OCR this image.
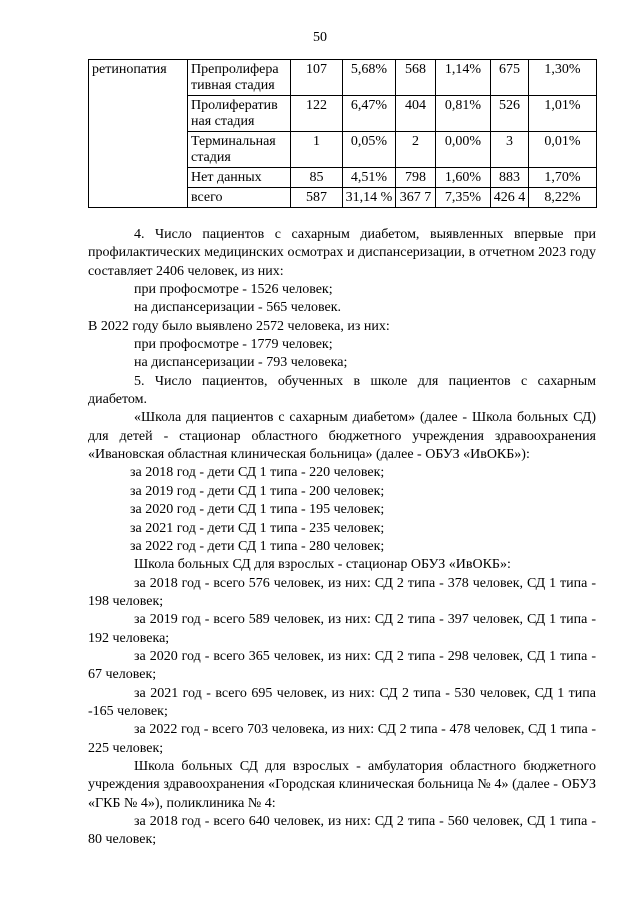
50
ретинопатия	Препролифера тивная стадия	107	5,68%	568	1,14%	675	1,30%
	Пролифератив ная стадия	122	6,47%	404	0,81%	526	1,01%
	Терминальная стадия	1	0,05%	2	0,00%	3	0,01%
	Нет данных	85	4,51%	798	1,60%	883	1,70%
	всего	587	31,14 %	367 7	7,35%	426 4	8,22%

4. Число пациентов с сахарным диабетом, выявленных впервые при профилактических медицинских осмотрах и диспансеризации, в отчетном 2023 году составляет 2406 человек, из них:

при профосмотре - 1526 человек;

на диспансеризации - 565 человек.

В 2022 году было выявлено 2572 человека, из них:

при профосмотре - 1779 человек;

на диспансеризации - 793 человека;

5. Число пациентов, обученных в школе для пациентов с сахарным диабетом.

«Школа для пациентов с сахарным диабетом» (далее - Школа больных СД) для детей - стационар областного бюджетного учреждения здравоохранения «Ивановская областная клиническая больница» (далее - ОБУЗ «ИвОКБ»):

за 2018 год - дети СД 1 типа - 220 человек;

за 2019 год - дети СД 1 типа - 200 человек;

за 2020 год - дети СД 1 типа - 195 человек;

за 2021 год - дети СД 1 типа - 235 человек;

за 2022 год - дети СД 1 типа - 280 человек;

Школа больных СД для взрослых - стационар ОБУЗ «ИвОКБ»:

за 2018 год - всего 576 человек, из них: СД 2 типа - 378 человек, СД 1 типа - 198 человек;

за 2019 год - всего 589 человек, из них: СД 2 типа - 397 человек, СД 1 типа - 192 человека;

за 2020 год - всего 365 человек, из них: СД 2 типа - 298 человек, СД 1 типа - 67 человек;

за 2021 год - всего 695 человек, из них: СД 2 типа - 530 человек, СД 1 типа -165 человек;

за 2022 год - всего 703 человека, из них: СД 2 типа - 478 человек, СД 1 типа - 225 человек;

Школа больных СД для взрослых - амбулатория областного бюджетного учреждения здравоохранения «Городская клиническая больница № 4» (далее - ОБУЗ «ГКБ № 4»), поликлиника № 4:

за 2018 год - всего 640 человек, из них: СД 2 типа - 560 человек, СД 1 типа - 80 человек;
